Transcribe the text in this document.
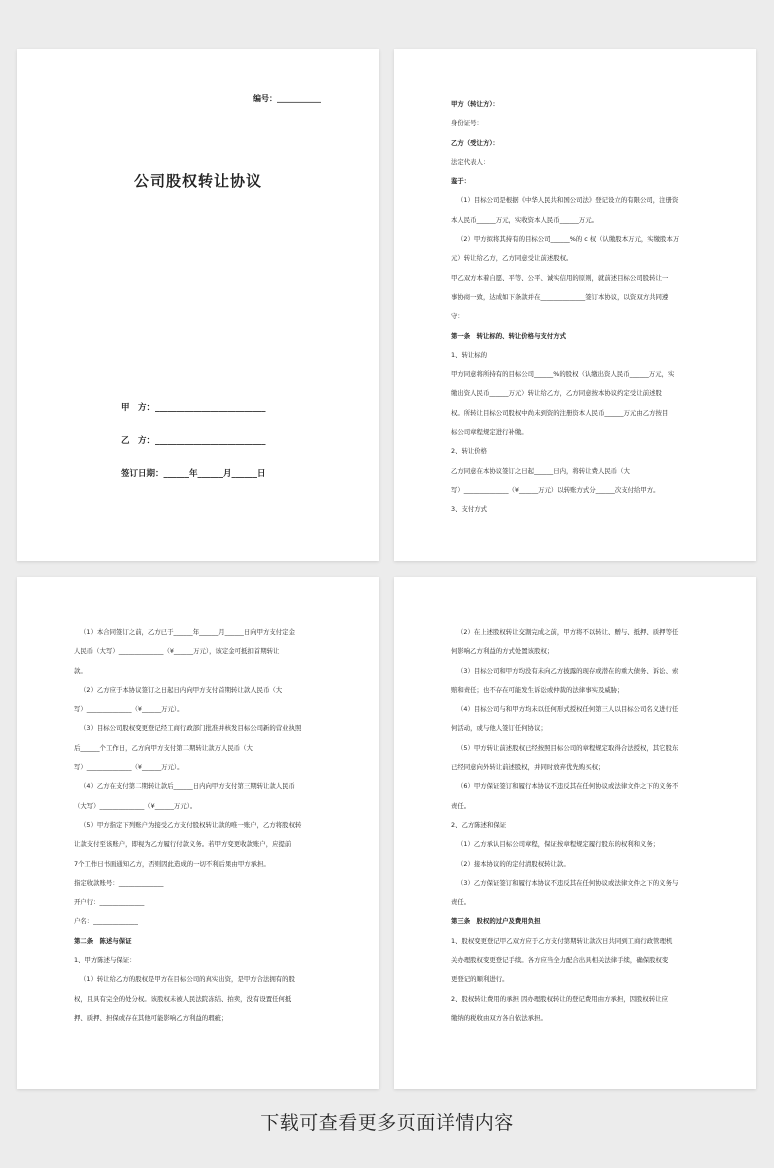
编号：___________
公司股权转让协议
甲　方：__________________________
乙　方：__________________________
签订日期：______年______月______日

甲方（转让方）：

身份证号：

乙方（受让方）：

法定代表人：

鉴于：

（1）目标公司是根据《中华人民共和国公司法》登记设立的有限公司，注册资

本人民币______万元，实收资本人民币______万元。

（2）甲方拟将其持有的目标公司______%的 c 权（认缴股本万元，实缴股本万

元）转让给乙方，乙方同意受让前述股权。

甲乙双方本着自愿、平等、公平、诚实信用的原则，就前述目标公司股转让一

事协商一致，达成如下条款并在______________签订本协议，以资双方共同遵

守：

第一条　转让标的、转让价格与支付方式

1、转让标的

甲方同意将所持有的目标公司______%的股权（认缴出资人民币______万元，实

缴出资人民币______万元）转让给乙方，乙方同意按本协议约定受让前述股

权。所转让目标公司股权中尚未到资的注册资本人民币______万元由乙方按目

标公司章程规定进行补缴。

2、转让价格

乙方同意在本协议签订之日起______日内，将转让费人民币（大

写）______________（¥______万元）以转账方式分______次支付给甲方。

3、支付方式

（1）本合同签订之前，乙方已于______年______月______日向甲方支付定金

人民币（大写）______________（¥______万元），该定金可抵扣首期转让

款。

（2）乙方应于本协议签订之日起日内向甲方支付首期转让款人民币（大

写）______________（¥______万元）。

（3）目标公司股权变更登记经工商行政部门批准并核发目标公司新的营业执照

后______个工作日，乙方向甲方支付第二期转让款万人民币（大

写）______________（¥______万元）。

（4）乙方在支付第二期转让款后______日内向甲方支付第三期转让款人民币

（大写）______________（¥______万元）。

（5）甲方指定下列账户为接受乙方支付股权转让款的唯一账户，乙方将股权转

让款支付至该账户，即视为乙方履行付款义务。若甲方变更收款账户，应提前

7个工作日书面通知乙方，否则因此造成的一切不利后果由甲方承担。

指定收款账号：______________

开户行：______________

户名：______________

第二条　陈述与保证

1、甲方陈述与保证：

（1）转让给乙方的股权是甲方在目标公司的真实出资，是甲方合法拥有的股

权，且具有完全的处分权。该股权未被人民法院冻结、拍卖，没有设置任何抵

押、质押、担保或存在其他可能影响乙方利益的瑕疵；

（2）在上述股权转让交割完成之前，甲方将不以转让、赠与、抵押、质押等任

何影响乙方利益的方式处置该股权；

（3）目标公司和甲方均没有未向乙方披露的现存或潜在的重大债务、诉讼、索

赔和责任；也不存在可能发生诉讼或仲裁的法律事实及威胁；

（4）目标公司与和甲方均未以任何形式授权任何第三人以目标公司名义进行任

何活动，或与他人签订任何协议；

（5）甲方转让前述股权已经按照目标公司的章程规定取得合法授权，其它股东

已经同意向外转让前述股权，并同时放弃优先购买权；

（6）甲方保证签订和履行本协议不违反其在任何协议或法律文件之下的义务不

责任。

2、乙方陈述和保证

（1）乙方承认目标公司章程，保证按章程规定履行股东的权利和义务；

（2）接本协议的的定付清股权转让款。

（3）乙方保证签订和履行本协议不违反其在任何协议或法律文件之下的义务与

责任。

第三条　股权的过户及费用负担

1、股权变更登记甲乙双方应于乙方支付第期转让款次日共同到工商行政管理机

关办理股权变更登记手续。各方应当全力配合出具相关法律手续，确保股权变

更登记的顺利进行。

2、股权转让费用的承担 因办理股权转让的登记费用由方承担，因股权转让应

缴纳的税收由双方各自依法承担。

下载可查看更多页面详情内容
